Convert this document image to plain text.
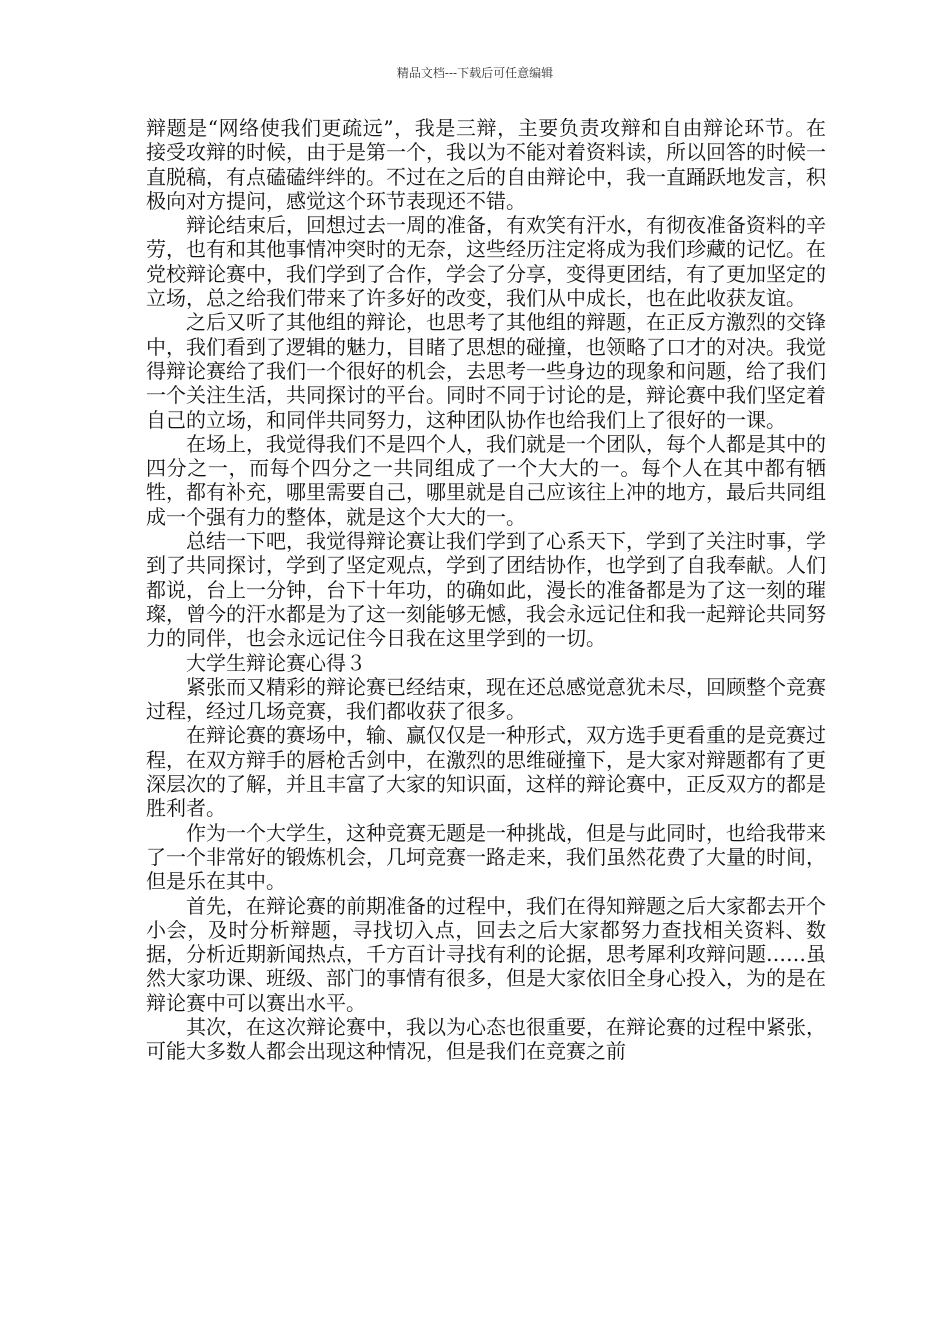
精品文档---下载后可任意编辑

辩题是“网络使我们更疏远”，我是三辩，主要负责攻辩和自由辩论环节。在接受攻辩的时候，由于是第一个，我以为不能对着资料读，所以回答的时候一直脱稿，有点磕磕绊绊的。不过在之后的自由辩论中，我一直踊跃地发言，积极向对方提问，感觉这个环节表现还不错。

辩论结束后，回想过去一周的准备，有欢笑有汗水，有彻夜准备资料的辛劳，也有和其他事情冲突时的无奈，这些经历注定将成为我们珍藏的记忆。在党校辩论赛中，我们学到了合作，学会了分享，变得更团结，有了更加坚定的立场，总之给我们带来了许多好的改变，我们从中成长，也在此收获友谊。

之后又听了其他组的辩论，也思考了其他组的辩题，在正反方激烈的交锋中，我们看到了逻辑的魅力，目睹了思想的碰撞，也领略了口才的对决。我觉得辩论赛给了我们一个很好的机会，去思考一些身边的现象和问题，给了我们一个关注生活，共同探讨的平台。同时不同于讨论的是，辩论赛中我们坚定着自己的立场，和同伴共同努力，这种团队协作也给我们上了很好的一课。

在场上，我觉得我们不是四个人，我们就是一个团队，每个人都是其中的四分之一，而每个四分之一共同组成了一个大大的一。每个人在其中都有牺牲，都有补充，哪里需要自己，哪里就是自己应该往上冲的地方，最后共同组成一个强有力的整体，就是这个大大的一。

总结一下吧，我觉得辩论赛让我们学到了心系天下，学到了关注时事，学到了共同探讨，学到了坚定观点，学到了团结协作，也学到了自我奉献。人们都说，台上一分钟，台下十年功，的确如此，漫长的准备都是为了这一刻的璀璨，曾今的汗水都是为了这一刻能够无憾，我会永远记住和我一起辩论共同努力的同伴，也会永远记住今日我在这里学到的一切。

大学生辩论赛心得３

紧张而又精彩的辩论赛已经结束，现在还总感觉意犹未尽，回顾整个竞赛过程，经过几场竞赛，我们都收获了很多。

在辩论赛的赛场中，输、赢仅仅是一种形式，双方选手更看重的是竞赛过程，在双方辩手的唇枪舌剑中，在激烈的思维碰撞下，是大家对辩题都有了更深层次的了解，并且丰富了大家的知识面，这样的辩论赛中，正反双方的都是胜利者。

作为一个大学生，这种竞赛无题是一种挑战，但是与此同时，也给我带来了一个非常好的锻炼机会，几坷竞赛一路走来，我们虽然花费了大量的时间，但是乐在其中。

首先，在辩论赛的前期准备的过程中，我们在得知辩题之后大家都去开个小会，及时分析辩题，寻找切入点，回去之后大家都努力查找相关资料、数据，分析近期新闻热点，千方百计寻找有利的论据，思考犀利攻辩问题……虽然大家功课、班级、部门的事情有很多，但是大家依旧全身心投入，为的是在辩论赛中可以赛出水平。

其次，在这次辩论赛中，我以为心态也很重要，在辩论赛的过程中紧张，可能大多数人都会出现这种情况，但是我们在竞赛之前
